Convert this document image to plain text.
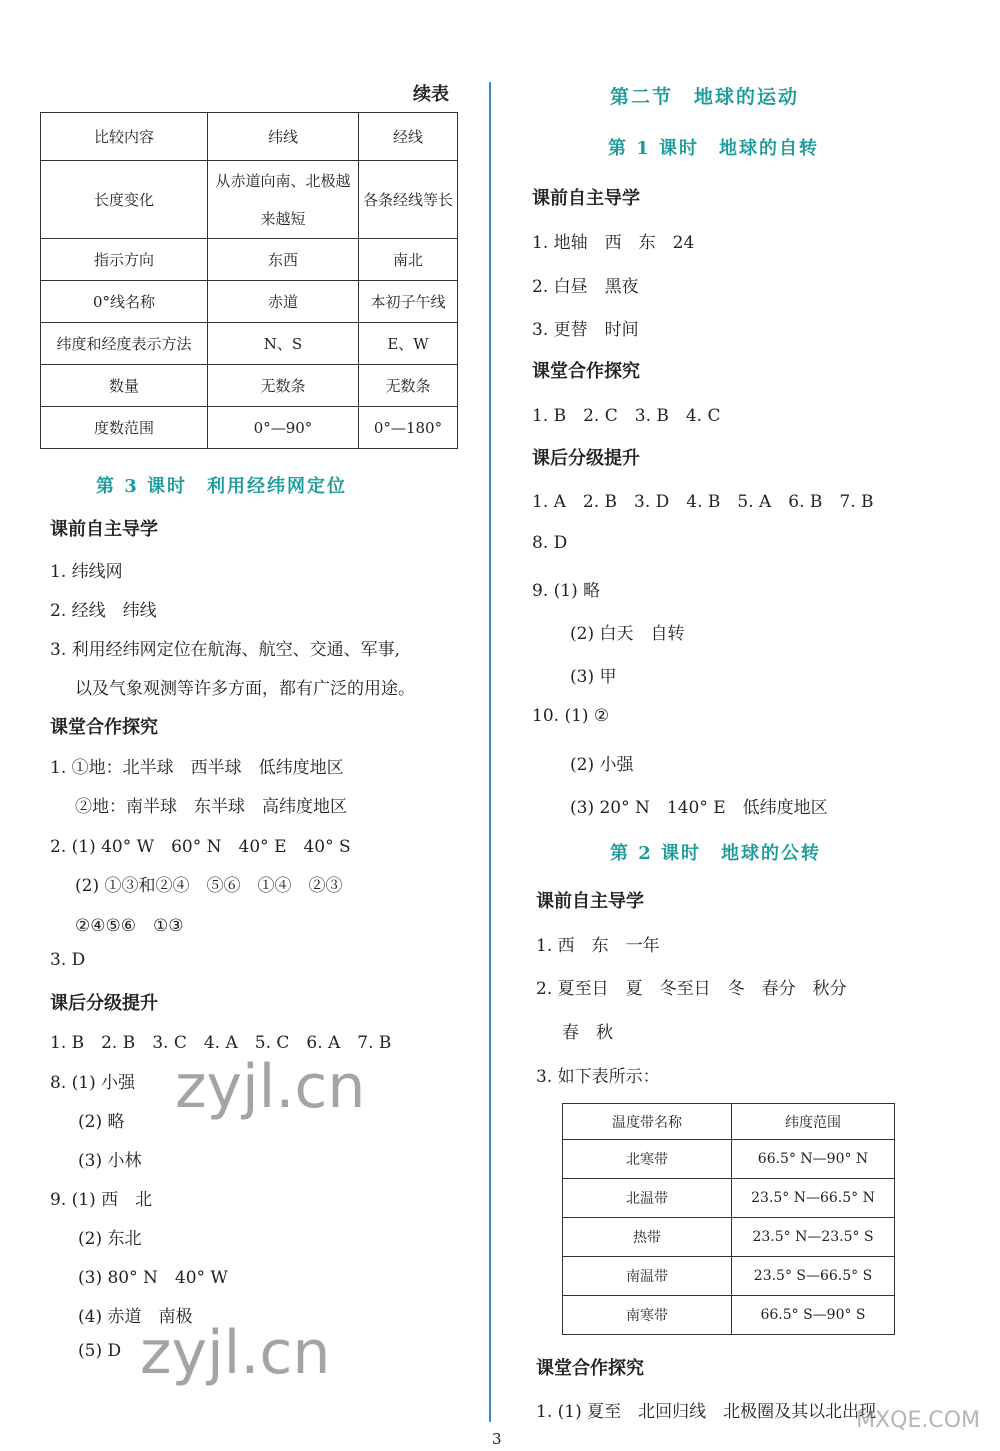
续表
比较内容	纬线	经线
长度变化	从赤道向南、北极越来越短	各条经线等长
指示方向	东西	南北
0°线名称	赤道	本初子午线
纬度和经度表示方法	N、S	E、W
数量	无数条	无数条
度数范围	0°—90°	0°—180°
第 3 课时　利用经纬网定位
课前自主导学
1. 纬线网
2. 经线　纬线
3. 利用经纬网定位在航海、航空、交通、军事,
以及气象观测等许多方面，都有广泛的用途。
课堂合作探究
1. ①地：北半球　西半球　低纬度地区
②地：南半球　东半球　高纬度地区
2. (1) 40° W　60° N　40° E　40° S
(2) ①③和②④　⑤⑥　①④　②③
②④⑤⑥　①③
3. D
课后分级提升
1. B　2. B　3. C　4. A　5. C　6. A　7. B
8. (1) 小强
(2) 略
(3) 小林
9. (1) 西　北
(2) 东北
(3) 80° N　40° W
(4) 赤道　南极
(5) D
第二节　地球的运动
第 1 课时　地球的自转
课前自主导学
1. 地轴　西　东　24
2. 白昼　黑夜
3. 更替　时间
课堂合作探究
1. B　2. C　3. B　4. C
课后分级提升
1. A　2. B　3. D　4. B　5. A　6. B　7. B
8. D
9. (1) 略
(2) 白天　自转
(3) 甲
10. (1) ②
(2) 小强
(3) 20° N　140° E　低纬度地区
第 2 课时　地球的公转
课前自主导学
1. 西　东　一年
2. 夏至日　夏　冬至日　冬　春分　秋分
春　秋
3. 如下表所示：
温度带名称	纬度范围
北寒带	66.5° N—90° N
北温带	23.5° N—66.5° N
热带	23.5° N—23.5° S
南温带	23.5° S—66.5° S
南寒带	66.5° S—90° S
课堂合作探究
1. (1) 夏至　北回归线　北极圈及其以北出现
zyjl.cn
zyjl.cn
MXQE.COM
3
